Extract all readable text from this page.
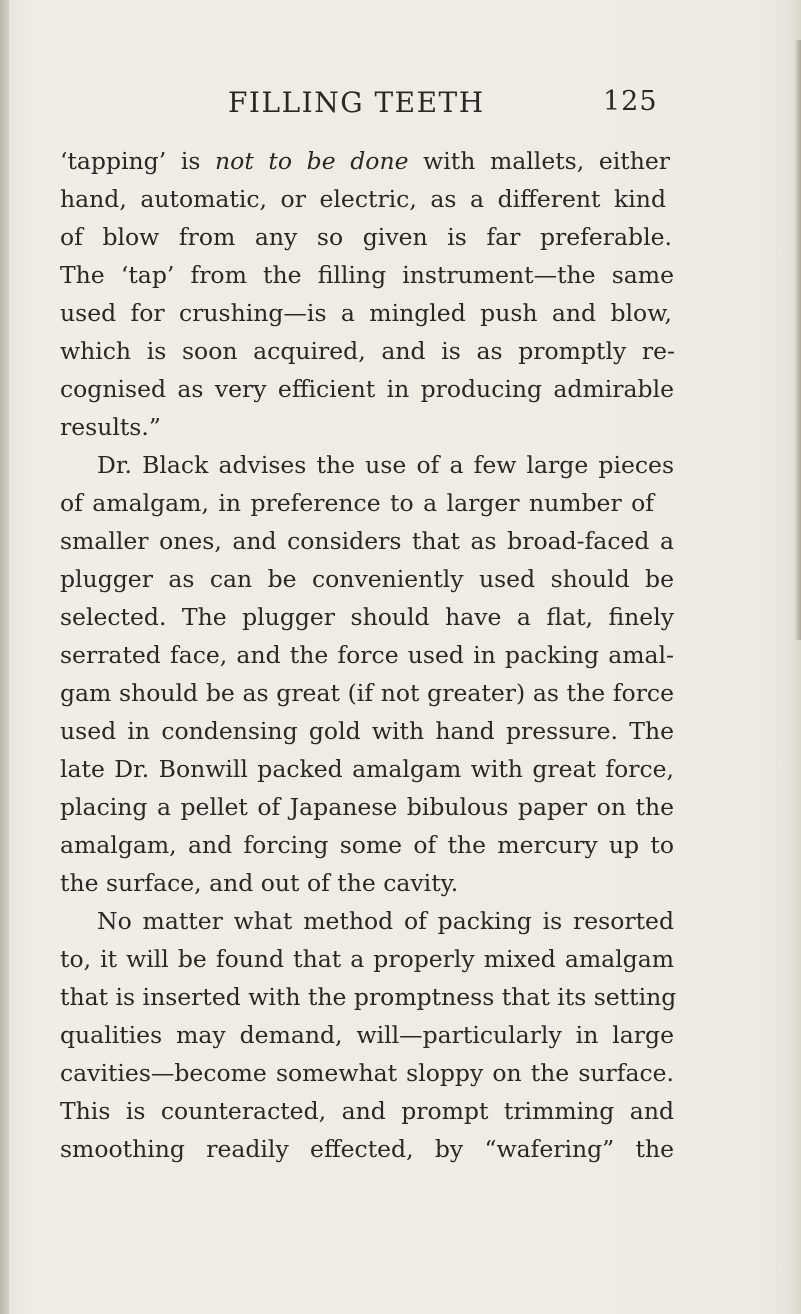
FILLING TEETH	125
‘tapping’ is not to be done with mallets, either
hand, automatic, or electric, as a different kind
of blow from any so given is far preferable.
The ‘tap’ from the filling instrument—the same
used for crushing—is a mingled push and blow,
which is soon acquired, and is as promptly re-
cognised as very efficient in producing admirable
results.”
Dr. Black advises the use of a few large pieces
of amalgam, in preference to a larger number of
smaller ones, and considers that as broad-faced a
plugger as can be conveniently used should be
selected. The plugger should have a flat, finely
serrated face, and the force used in packing amal-
gam should be as great (if not greater) as the force
used in condensing gold with hand pressure. The
late Dr. Bonwill packed amalgam with great force,
placing a pellet of Japanese bibulous paper on the
amalgam, and forcing some of the mercury up to
the surface, and out of the cavity.
No matter what method of packing is resorted
to, it will be found that a properly mixed amalgam
that is inserted with the promptness that its setting
qualities may demand, will—particularly in large
cavities—become somewhat sloppy on the surface.
This is counteracted, and prompt trimming and
smoothing readily effected, by “wafering” the
